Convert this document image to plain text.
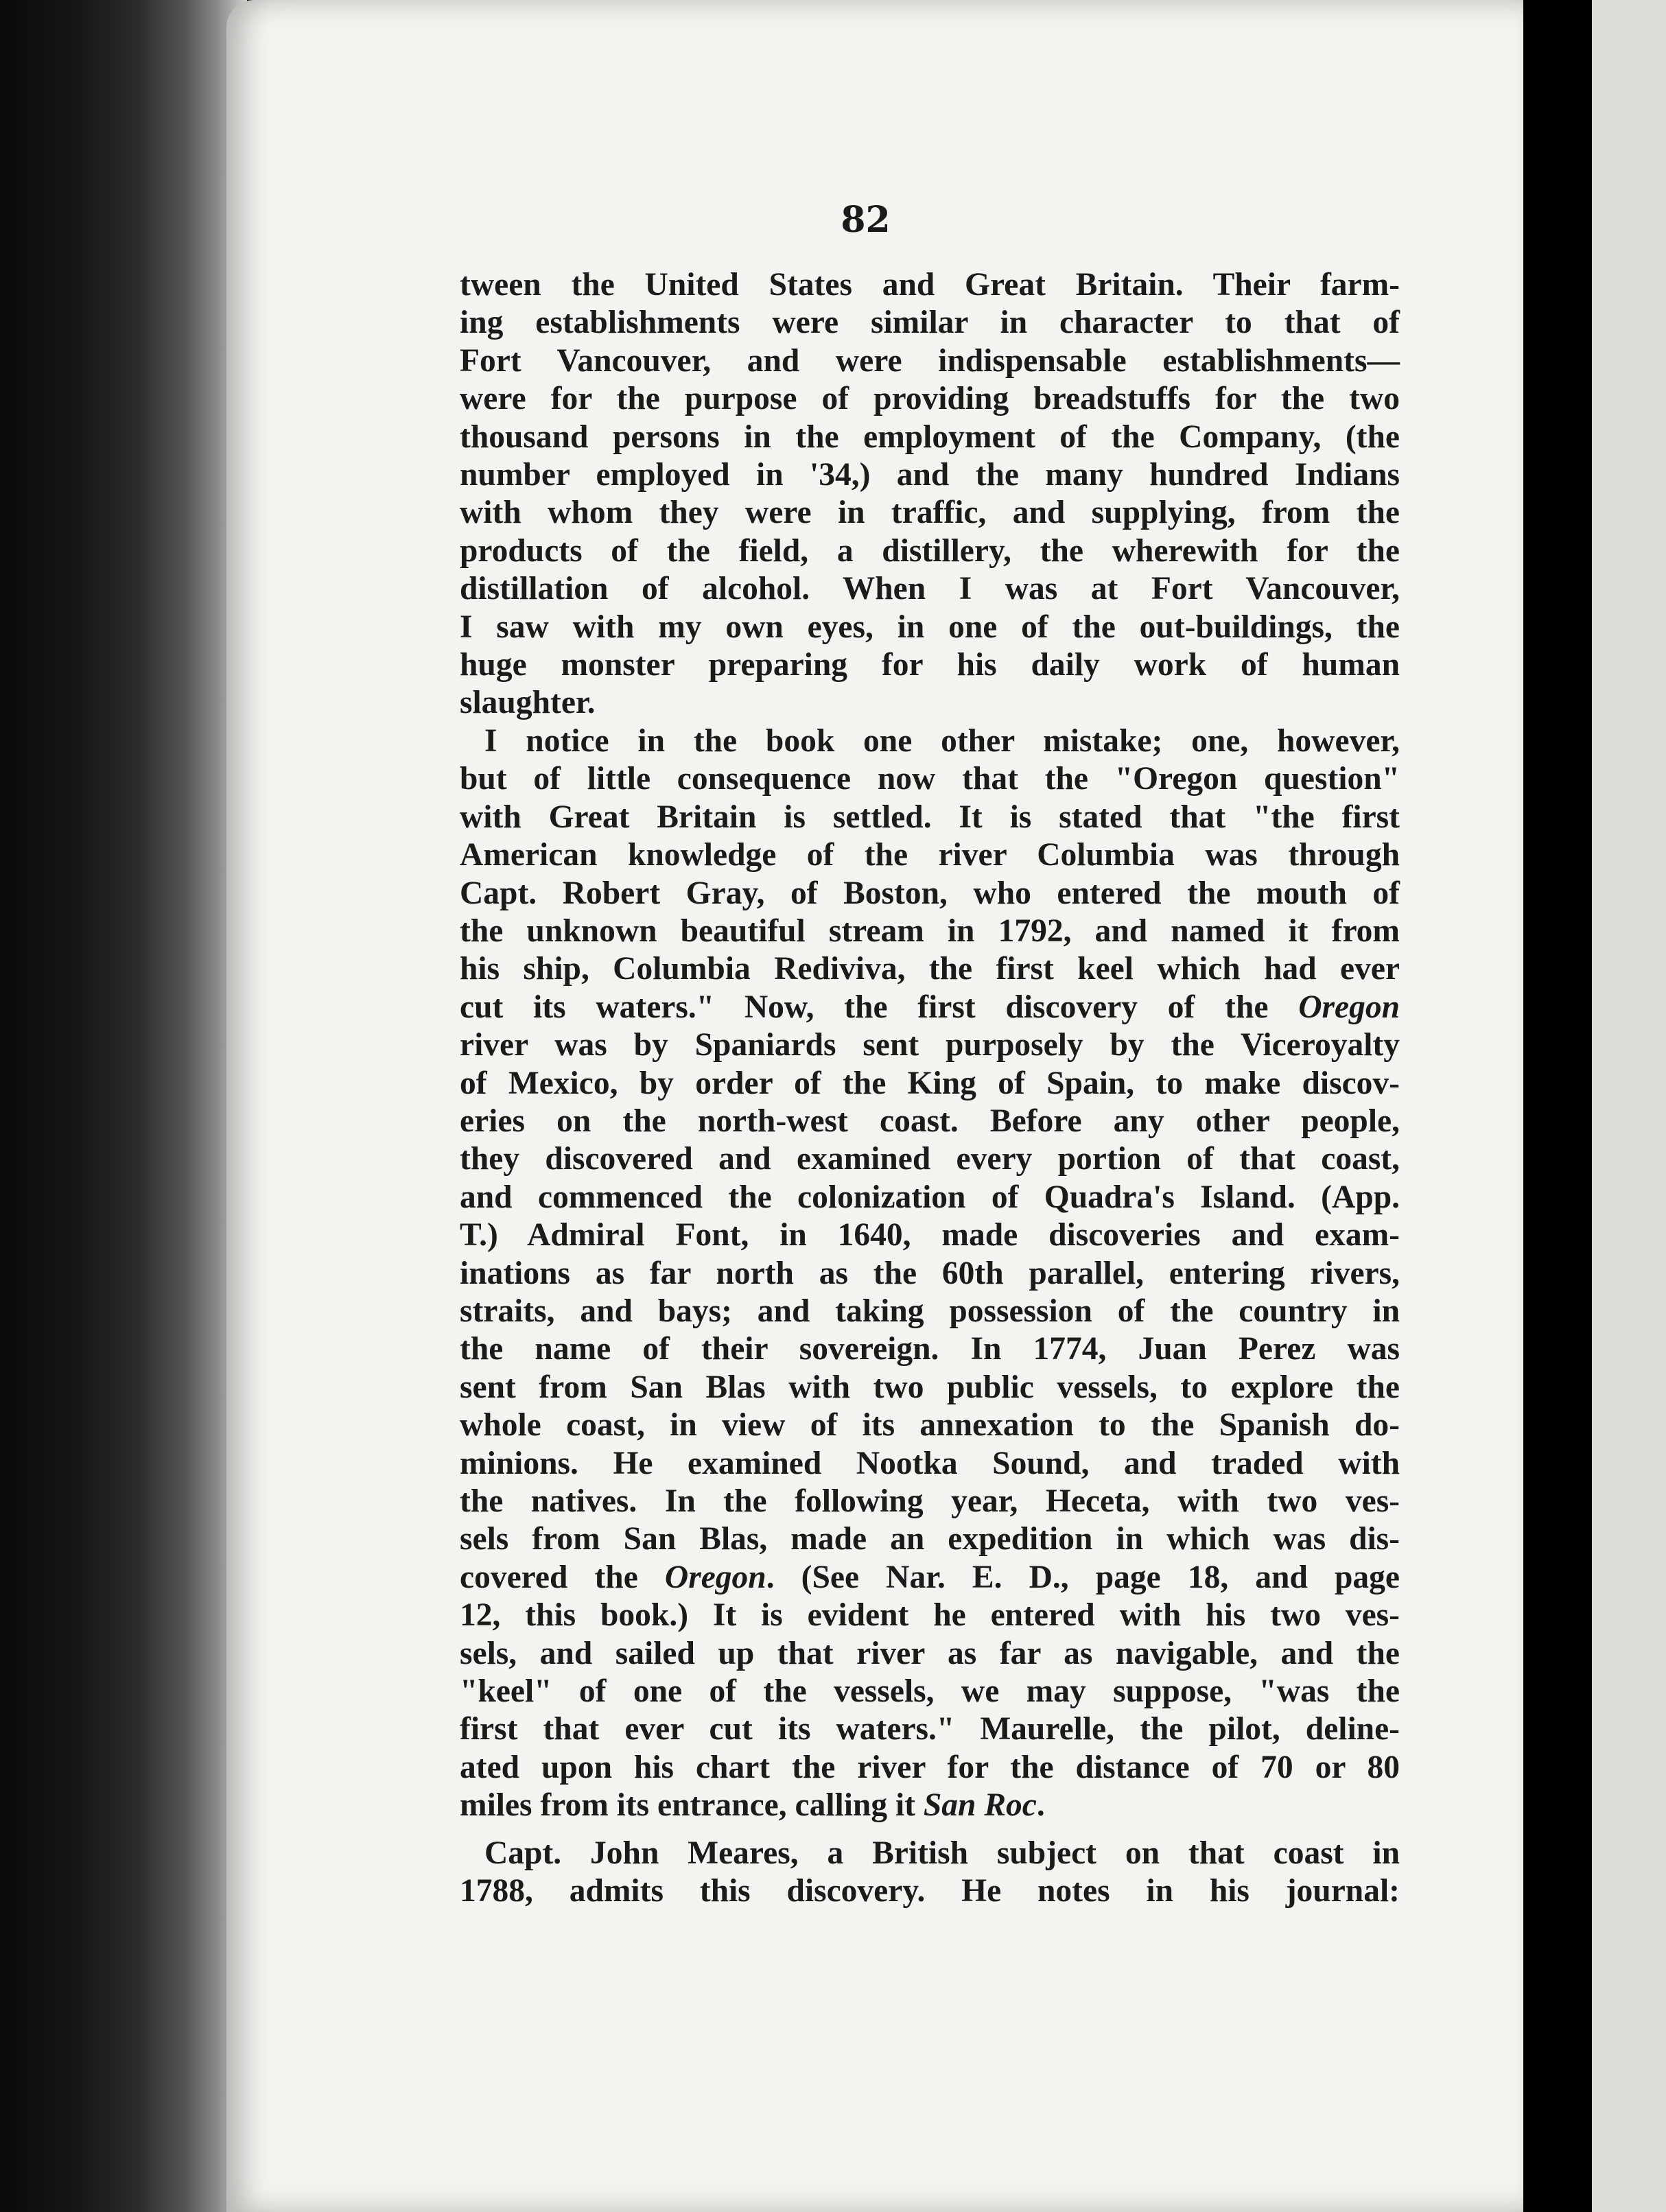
82
tween the United States and Great Britain. Their farm-
ing establishments were similar in character to that of
Fort Vancouver, and were indispensable establishments—
were for the purpose of providing breadstuffs for the two
thousand persons in the employment of the Company, (the
number employed in '34,) and the many hundred Indians
with whom they were in traffic, and supplying, from the
products of the field, a distillery, the wherewith for the
distillation of alcohol. When I was at Fort Vancouver,
I saw with my own eyes, in one of the out-buildings, the
huge monster preparing for his daily work of human
slaughter.
I notice in the book one other mistake; one, however,
but of little consequence now that the "Oregon question"
with Great Britain is settled. It is stated that "the first
American knowledge of the river Columbia was through
Capt. Robert Gray, of Boston, who entered the mouth of
the unknown beautiful stream in 1792, and named it from
his ship, Columbia Rediviva, the first keel which had ever
cut its waters." Now, the first discovery of the Oregon
river was by Spaniards sent purposely by the Viceroyalty
of Mexico, by order of the King of Spain, to make discov-
eries on the north-west coast. Before any other people,
they discovered and examined every portion of that coast,
and commenced the colonization of Quadra's Island. (App.
T.) Admiral Font, in 1640, made discoveries and exam-
inations as far north as the 60th parallel, entering rivers,
straits, and bays; and taking possession of the country in
the name of their sovereign. In 1774, Juan Perez was
sent from San Blas with two public vessels, to explore the
whole coast, in view of its annexation to the Spanish do-
minions. He examined Nootka Sound, and traded with
the natives. In the following year, Heceta, with two ves-
sels from San Blas, made an expedition in which was dis-
covered the Oregon. (See Nar. E. D., page 18, and page
12, this book.) It is evident he entered with his two ves-
sels, and sailed up that river as far as navigable, and the
"keel" of one of the vessels, we may suppose, "was the
first that ever cut its waters." Maurelle, the pilot, deline-
ated upon his chart the river for the distance of 70 or 80
miles from its entrance, calling it San Roc.
Capt. John Meares, a British subject on that coast in
1788, admits this discovery. He notes in his journal:
